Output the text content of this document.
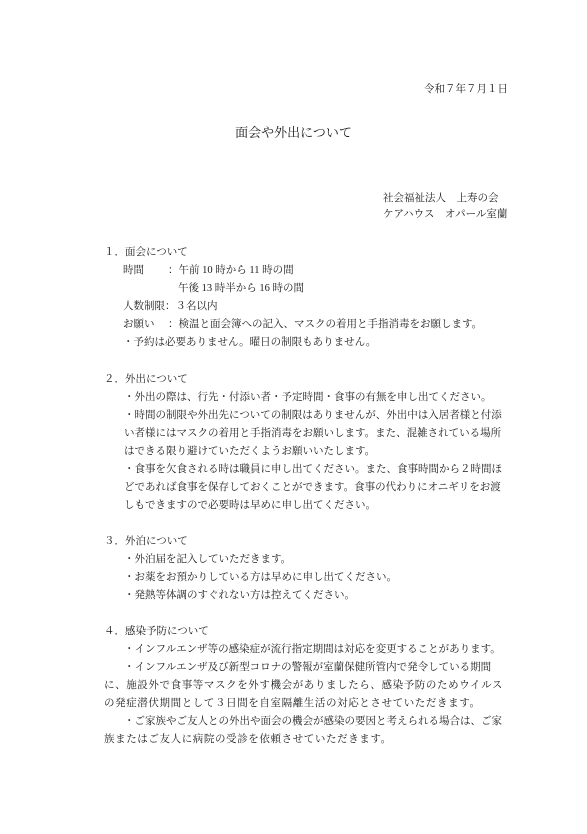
令和７年７月１日
面会や外出について
社会福祉法人　上寿の会
ケアハウス　オパール室蘭
１．面会について
時間 ：午前 10 時から 11 時の間
午後 13 時半から 16 時の間
人数制限：３名以内
お願い ：検温と面会簿への記入、マスクの着用と手指消毒をお願します。
・予約は必要ありません。曜日の制限もありません。
２．外出について
・外出の際は、行先・付添い者・予定時間・食事の有無を申し出てください。
・時間の制限や外出先についての制限はありませんが、外出中は入居者様と付添
い者様にはマスクの着用と手指消毒をお願いします。また、混雑されている場所
はできる限り避けていただくようお願いいたします。
・食事を欠食される時は職員に申し出てください。また、食事時間から２時間ほ
どであれば食事を保存しておくことができます。食事の代わりにオニギリをお渡
しもできますので必要時は早めに申し出てください。
３．外泊について
・外泊届を記入していただきます。
・お薬をお預かりしている方は早めに申し出てください。
・発熱等体調のすぐれない方は控えてください。
４．感染予防について
・インフルエンザ等の感染症が流行指定期間は対応を変更することがあります。
・インフルエンザ及び新型コロナの警報が室蘭保健所管内で発令している期間
に、施設外で食事等マスクを外す機会がありましたら、感染予防のためウイルス
の発症潜伏期間として３日間を自室隔離生活の対応とさせていただきます。
・ご家族やご友人との外出や面会の機会が感染の要因と考えられる場合は、ご家
族またはご友人に病院の受診を依頼させていただきます。
